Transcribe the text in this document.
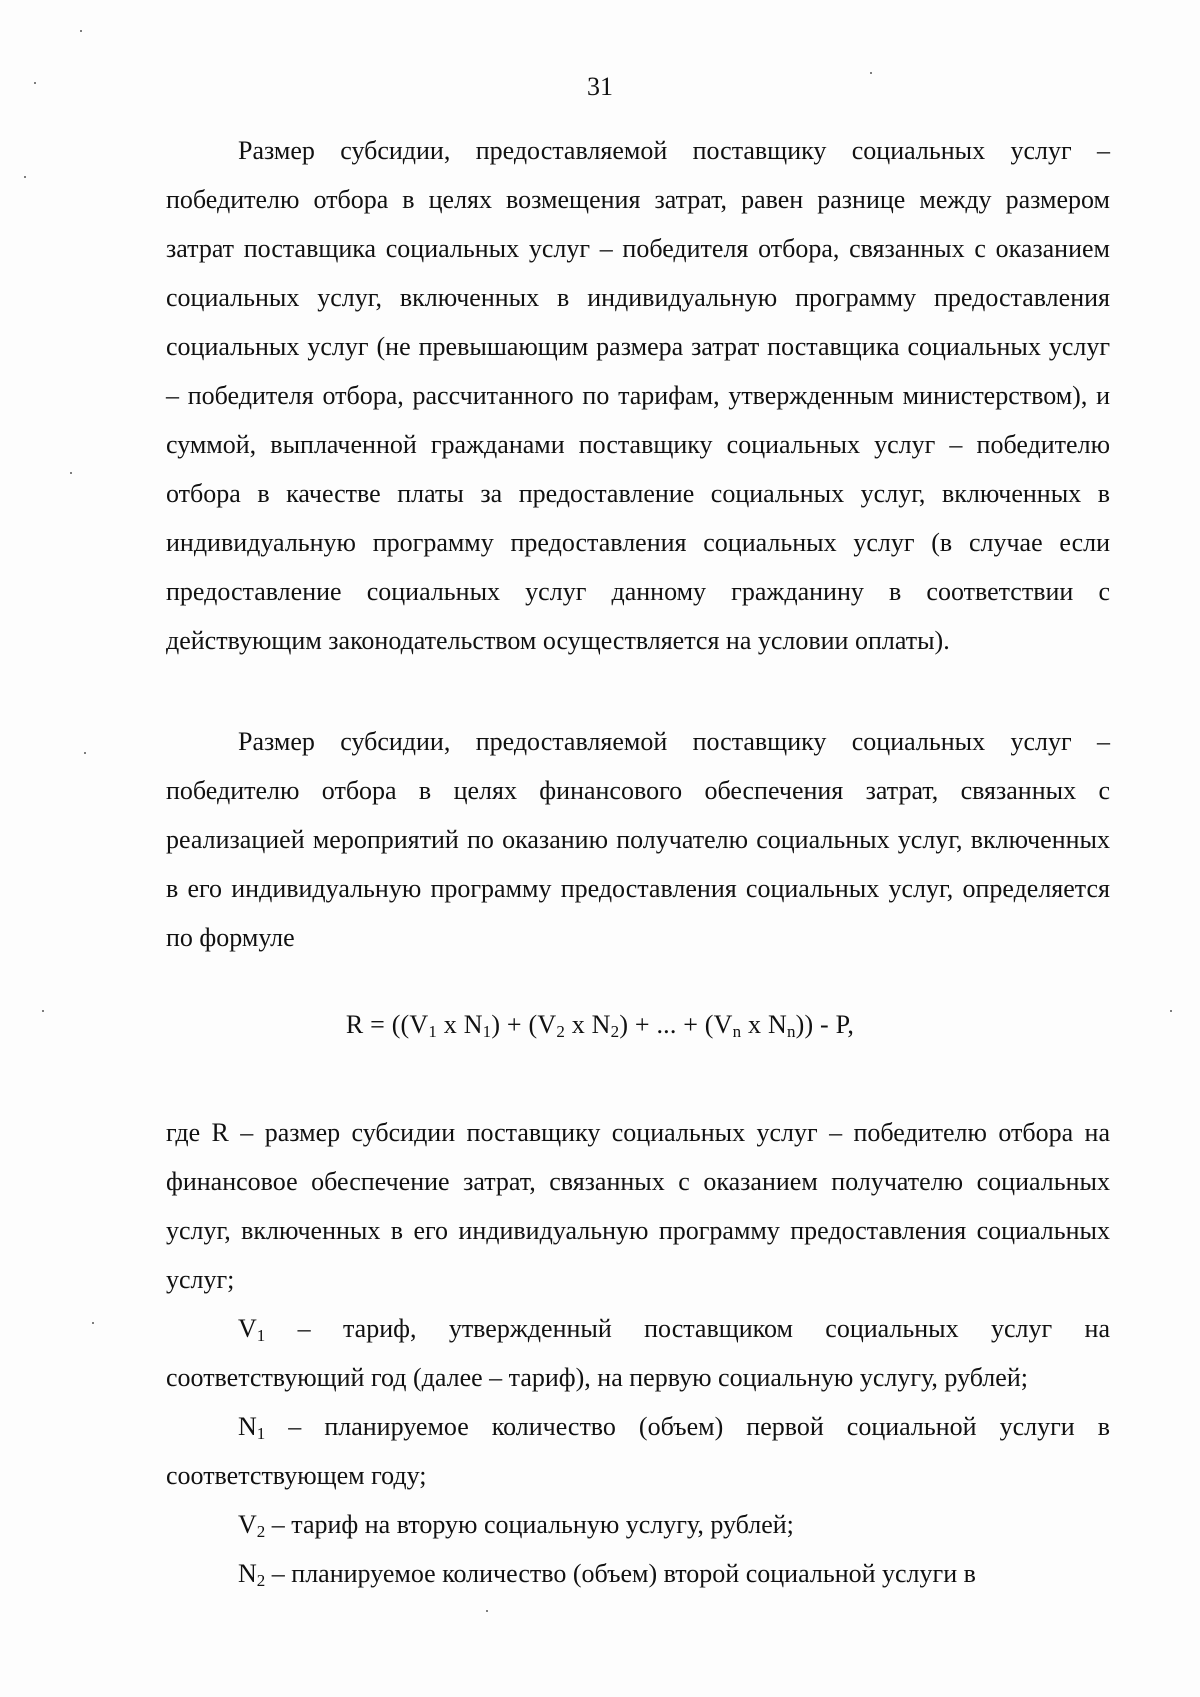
31

Размер субсидии, предоставляемой поставщику социальных услуг – победителю отбора в целях возмещения затрат, равен разнице между размером затрат поставщика социальных услуг – победителя отбора, связанных с оказанием социальных услуг, включенных в индивидуальную программу предоставления социальных услуг (не превышающим размера затрат поставщика социальных услуг – победителя отбора, рассчитанного по тарифам, утвержденным министерством), и суммой, выплаченной гражданами поставщику социальных услуг – победителю отбора в качестве платы за предоставление социальных услуг, включенных в индивидуальную программу предоставления социальных услуг (в случае если предоставление социальных услуг данному гражданину в соответствии с действующим законодательством осуществляется на условии оплаты).

Размер субсидии, предоставляемой поставщику социальных услуг – победителю отбора в целях финансового обеспечения затрат, связанных с реализацией мероприятий по оказанию получателю социальных услуг, включенных в его индивидуальную программу предоставления социальных услуг, определяется по формуле

$R = ((V_1$ x $N_1) + (V_2$ x $N_2$) + ... + ($V_n$ x $N_n$)) - P,

где R – размер субсидии поставщику социальных услуг – победителю отбора на финансовое обеспечение затрат, связанных с оказанием получателю социальных услуг, включенных в его индивидуальную программу предоставления социальных услуг;

$V_1$ – тариф, утвержденный поставщиком социальных услуг на соответствующий год (далее – тариф), на первую социальную услугу, рублей;

$N_1$ – планируемое количество (объем) первой социальной услуги в соответствующем году;

$V_2$ – тариф на вторую социальную услугу, рублей;

$N_2$ – планируемое количество (объем) второй социальной услуги в
